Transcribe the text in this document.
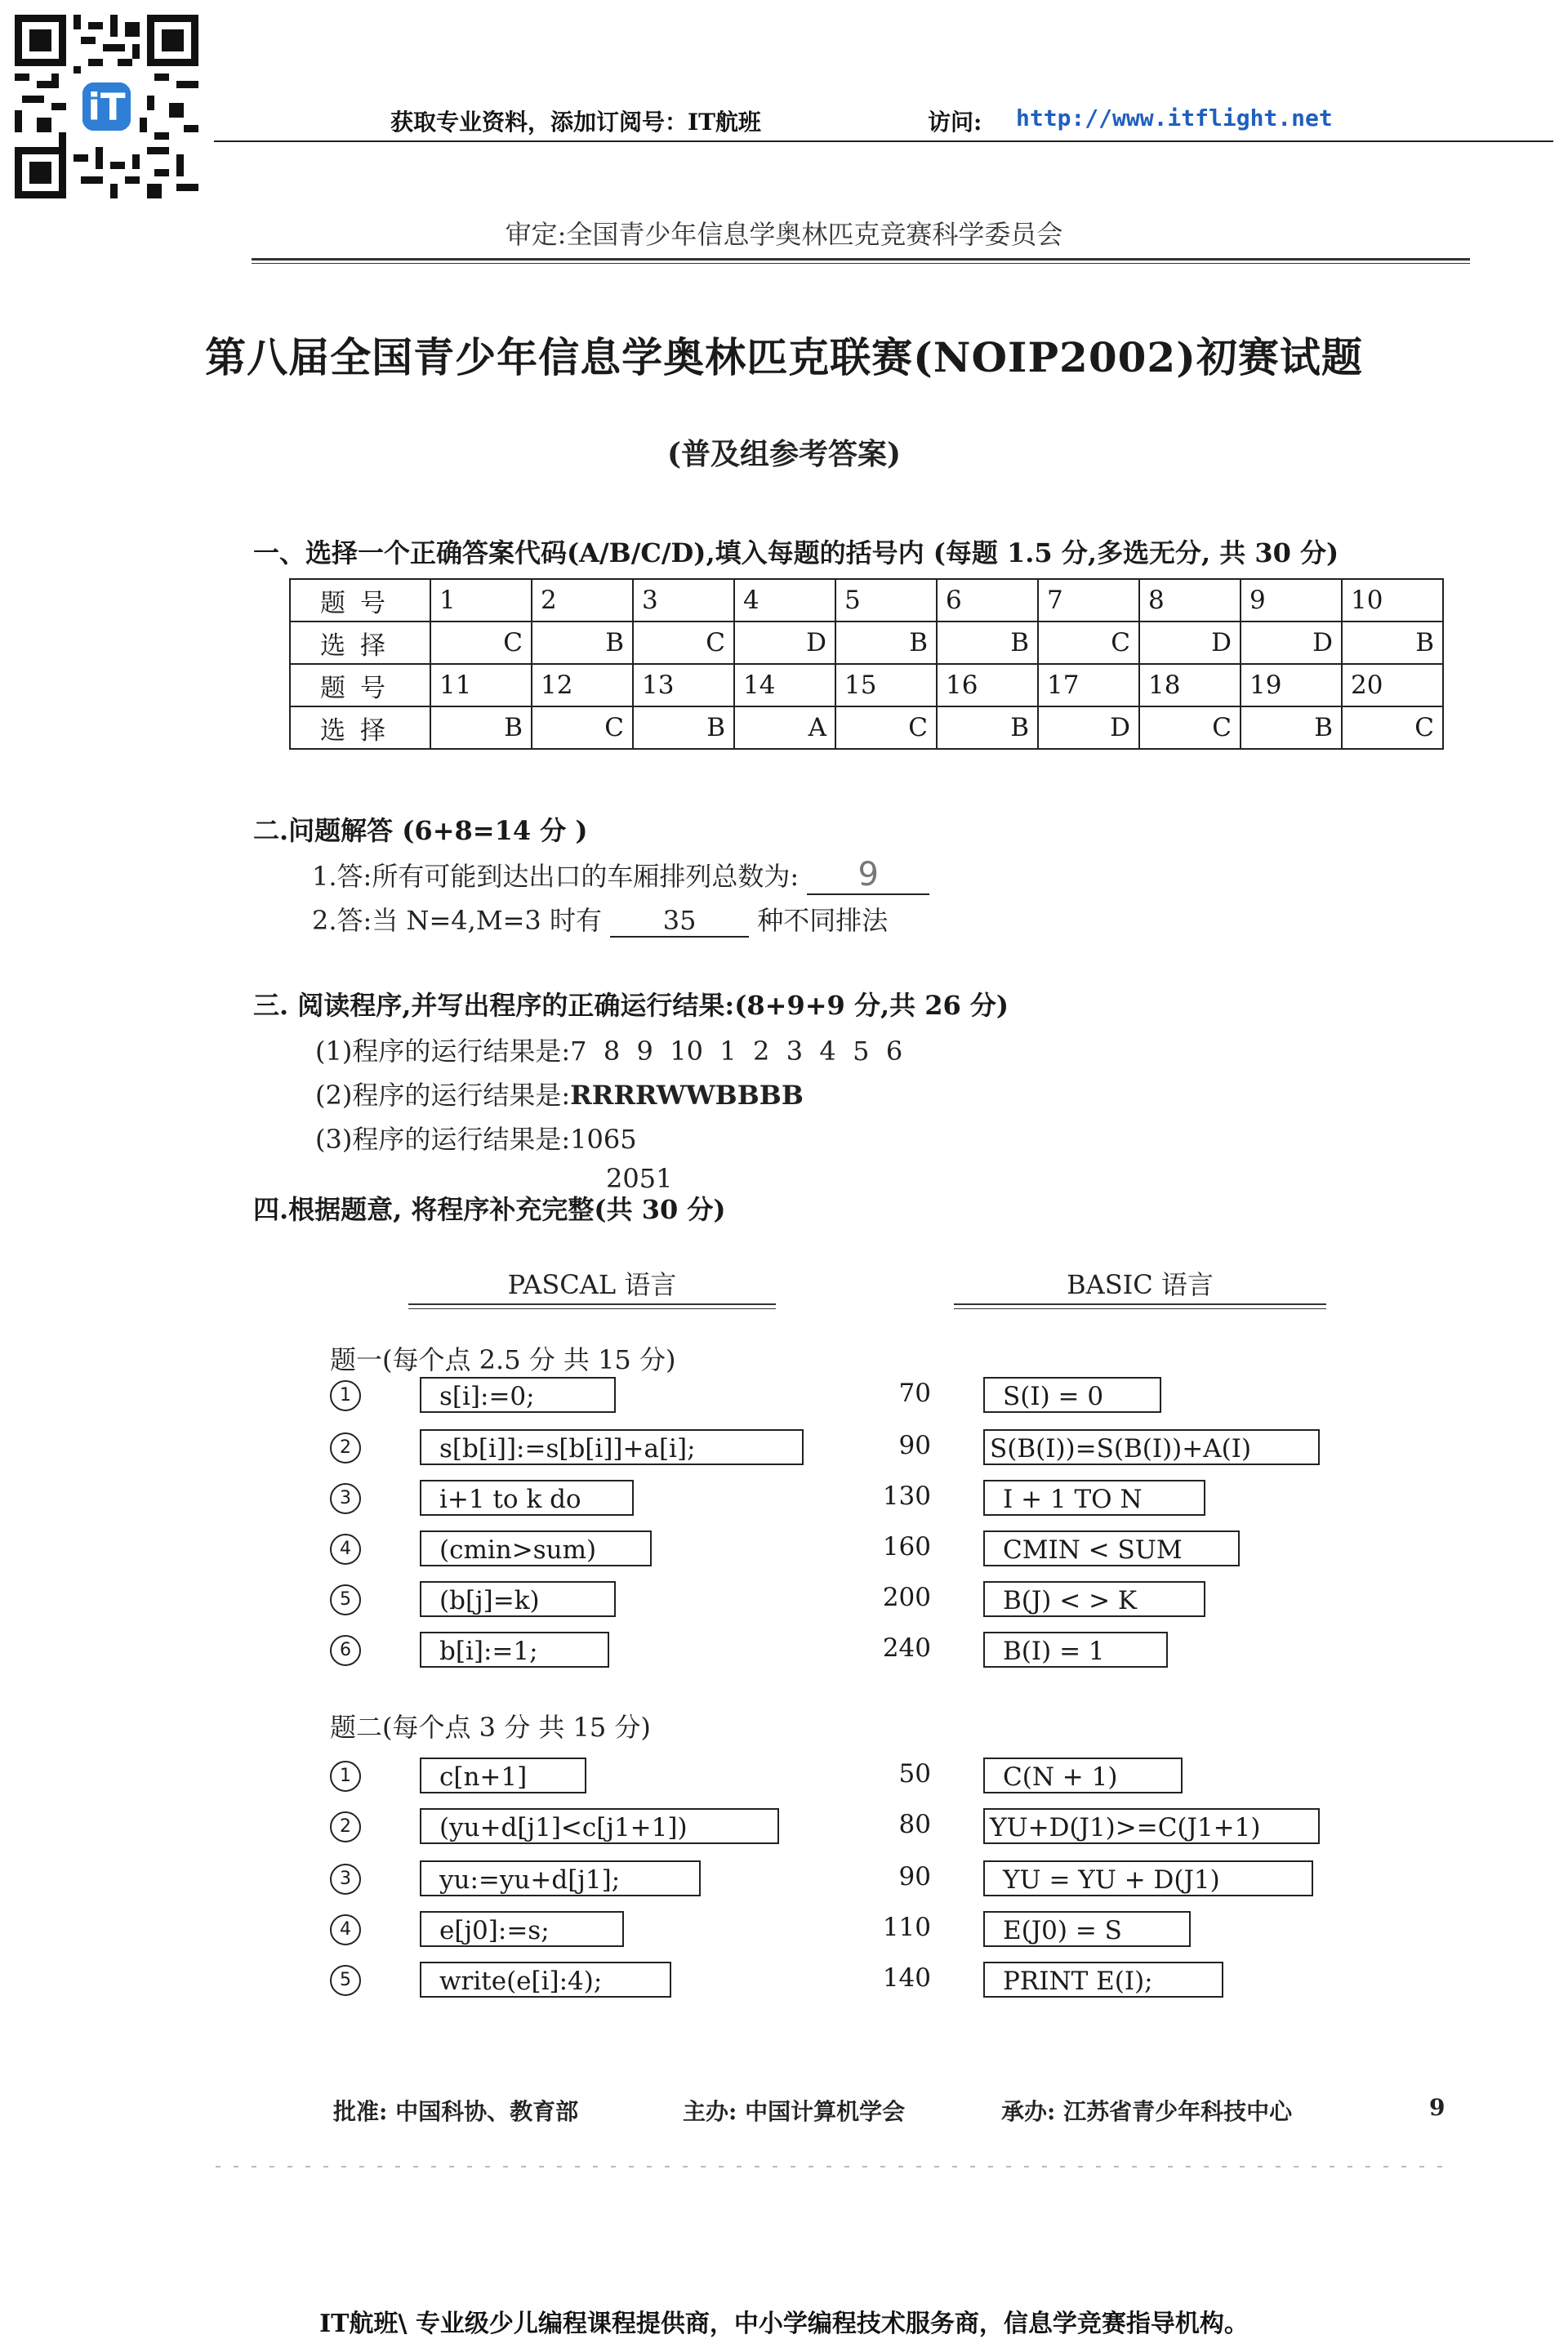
iT	获取专业资料，添加订阅号：IT航班	访问: http://www.itflight.net
审定:全国青少年信息学奥林匹克竞赛科学委员会
第八届全国青少年信息学奥林匹克联赛(NOIP2002)初赛试题
(普及组参考答案)
一、选择一个正确答案代码(A/B/C/D),填入每题的括号内 (每题 1.5 分,多选无分, 共 30 分)
题号	1	2	3	4	5	6	7	8	9	10
选择	C	B	C	D	B	B	C	D	D	B
题号	11	12	13	14	15	16	17	18	19	20
选择	B	C	B	A	C	B	D	C	B	C
二.问题解答 (6+8=14 分 )
1.答:所有可能到达出口的车厢排列总数为: 9
2.答:当 N=4,M=3 时有 35 种不同排法
三. 阅读程序,并写出程序的正确运行结果:(8+9+9 分,共 26 分)
(1)程序的运行结果是:7  8  9  10  1  2  3  4  5  6
(2)程序的运行结果是:RRRRWWBBBB
(3)程序的运行结果是:1065
2051
四.根据题意, 将程序补充完整(共 30 分)
PASCAL 语言	BASIC 语言
题一(每个点 2.5 分 共 15 分)
1	s[i]:=0;	70	S(I) = 0
2	s[b[i]]:=s[b[i]]+a[i];	90 S(B(I))=S(B(I))+A(I)
3	i+1 to k do	130	I + 1 TO N
4	(cmin>sum)	160	CMIN < SUM
5	(b[j]=k)	200	B(J) < > K
6	b[i]:=1;	240	B(I) = 1
题二(每个点 3 分 共 15 分)
1	c[n+1]	50	C(N + 1)
2	(yu+d[j1]<c[j1+1])	80 YU+D(J1)>=C(J1+1)
3	yu:=yu+d[j1];	90	YU = YU + D(J1)
4	e[j0]:=s;	110	E(J0) = S
5	write(e[i]:4);	140	PRINT E(I);
批准: 中国科协、教育部	主办: 中国计算机学会	承办: 江苏省青少年科技中心	9
IT航班\ 专业级少儿编程课程提供商，中小学编程技术服务商，信息学竞赛指导机构。
